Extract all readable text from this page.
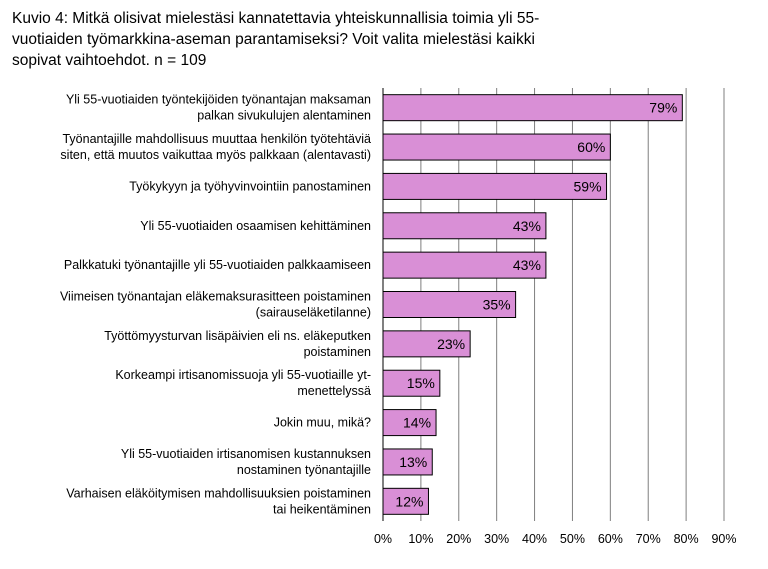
Kuvio 4: Mitkä olisivat mielestäsi kannatettavia yhteiskunnallisia toimia yli 55-
vuotiaiden työmarkkina-aseman parantamiseksi? Voit valita mielestäsi kaikki
sopivat vaihtoehdot. n = 109
0% 10% 20% 30% 40% 50% 60% 70% 80% 90%
79%
Yli 55-vuotiaiden työntekijöiden työnantajan maksaman palkan sivukulujen alentaminen
60%
Työnantajille mahdollisuus muuttaa henkilön työtehtäviä siten, että muutos vaikuttaa myös palkkaan (alentavasti)
59%
Työkykyyn ja työhyvinvointiin panostaminen
43%
Yli 55-vuotiaiden osaamisen kehittäminen
43%
Palkkatuki työnantajille yli 55-vuotiaiden palkkaamiseen
35%
Viimeisen työnantajan eläkemaksurasitteen poistaminen (sairauseläketilanne)
23%
Työttömyysturvan lisäpäivien eli ns. eläkeputken poistaminen
15%
Korkeampi irtisanomissuoja yli 55-vuotiaille yt-menettelyssä
14%
Jokin muu, mikä?
13%
Yli 55-vuotiaiden irtisanomisen kustannuksen nostaminen työnantajille
12%
Varhaisen eläköitymisen mahdollisuuksien poistaminen tai heikentäminen
